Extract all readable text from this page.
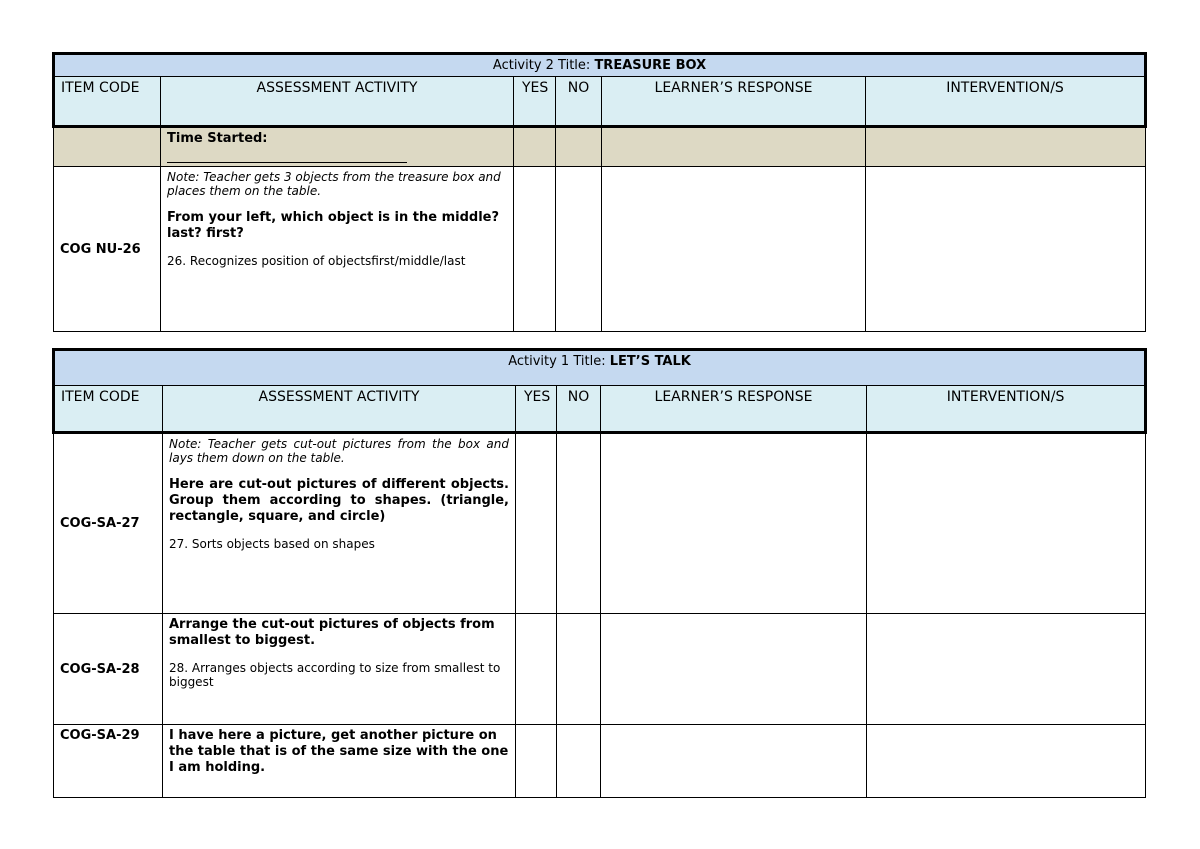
Activity 2 Title: TREASURE BOX					
ITEM CODE	ASSESSMENT ACTIVITY	YES	NO	LEARNER’S RESPONSE	INTERVENTION/S

	Time Started:				

COG NU-26	Note: Teacher gets 3 objects from the treasure box and places them on the table.

From your left, which object is in the middle? last? first?

26. Recognizes position of objectsfirst/middle/last				

Activity 1 Title: LET’S TALK					
ITEM CODE	ASSESSMENT ACTIVITY	YES	NO	LEARNER’S RESPONSE	INTERVENTION/S
COG-SA-27	Note: Teacher gets cut-out pictures from the box and lays them down on the table.

Here are cut-out pictures of different objects. Group them according to shapes. (triangle, rectangle, square, and circle)

27. Sorts objects based on shapes				

COG-SA-28	Arrange the cut-out pictures of objects from smallest to biggest.

28. Arranges objects according to size from smallest to biggest				

COG-SA-29	I have here a picture, get another picture on the table that is of the same size with the one I am holding.				
